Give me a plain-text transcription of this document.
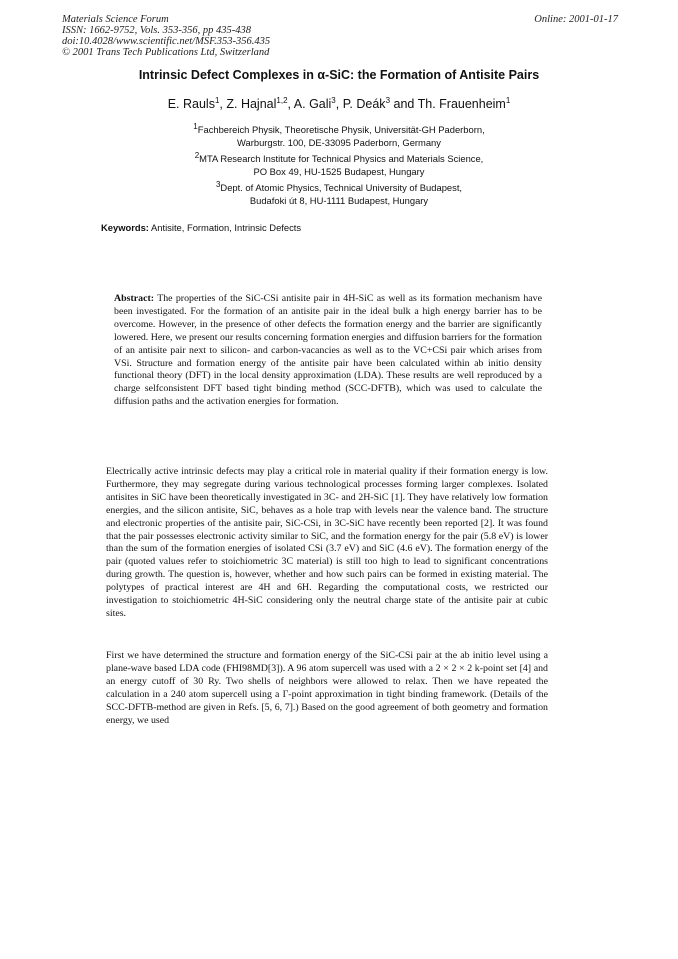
Materials Science Forum
ISSN: 1662-9752, Vols. 353-356, pp 435-438
doi:10.4028/www.scientific.net/MSF.353-356.435
© 2001 Trans Tech Publications Ltd, Switzerland
Online: 2001-01-17
Intrinsic Defect Complexes in α-SiC: the Formation of Antisite Pairs
E. Rauls$^1$, Z. Hajnal$^{1,2}$, A. Gali$^3$, P. Deák$^3$ and Th. Frauenheim$^1$
$^1$Fachbereich Physik, Theoretische Physik, Universität-GH Paderborn,
Warburgstr. 100, DE-33095 Paderborn, Germany
$^2$MTA Research Institute for Technical Physics and Materials Science,
PO Box 49, HU-1525 Budapest, Hungary
$^3$Dept. of Atomic Physics, Technical University of Budapest,
Budafoki út 8, HU-1111 Budapest, Hungary
Keywords: Antisite, Formation, Intrinsic Defects

Abstract: The properties of the SiC-CSi antisite pair in 4H-SiC as well as its formation mechanism have been investigated. For the formation of an antisite pair in the ideal bulk a high energy barrier has to be overcome. However, in the presence of other defects the formation energy and the barrier are significantly lowered. Here, we present our results concerning formation energies and diffusion barriers for the formation of an antisite pair next to silicon- and carbon-vacancies as well as to the VC+CSi pair which arises from VSi. Structure and formation energy of the antisite pair have been calculated within ab initio density functional theory (DFT) in the local density approximation (LDA). These results are well reproduced by a charge selfconsistent DFT based tight binding method (SCC-DFTB), which was used to calculate the diffusion paths and the activation energies for formation.

Electrically active intrinsic defects may play a critical role in material quality if their formation energy is low. Furthermore, they may segregate during various technological processes forming larger complexes. Isolated antisites in SiC have been theoretically investigated in 3C- and 2H-SiC [1]. They have relatively low formation energies, and the silicon antisite, SiC, behaves as a hole trap with levels near the valence band. The structure and electronic properties of the antisite pair, SiC-CSi, in 3C-SiC have recently been reported [2]. It was found that the pair possesses electronic activity similar to SiC, and the formation energy for the pair (5.8 eV) is lower than the sum of the formation energies of isolated CSi (3.7 eV) and SiC (4.6 eV). The formation energy of the pair (quoted values refer to stoichiometric 3C material) is still too high to lead to significant concentrations during growth. The question is, however, whether and how such pairs can be formed in existing material. The polytypes of practical interest are 4H and 6H. Regarding the computational costs, we restricted our investigation to stoichiometric 4H-SiC considering only the neutral charge state of the antisite pair at cubic sites.

First we have determined the structure and formation energy of the SiC-CSi pair at the ab initio level using a plane-wave based LDA code (FHI98MD[3]). A 96 atom supercell was used with a 2 × 2 × 2 k-point set [4] and an energy cutoff of 30 Ry. Two shells of neighbors were allowed to relax. Then we have repeated the calculation in a 240 atom supercell using a Γ-point approximation in tight binding framework. (Details of the SCC-DFTB-method are given in Refs. [5, 6, 7].) Based on the good agreement of both geometry and formation energy, we used
